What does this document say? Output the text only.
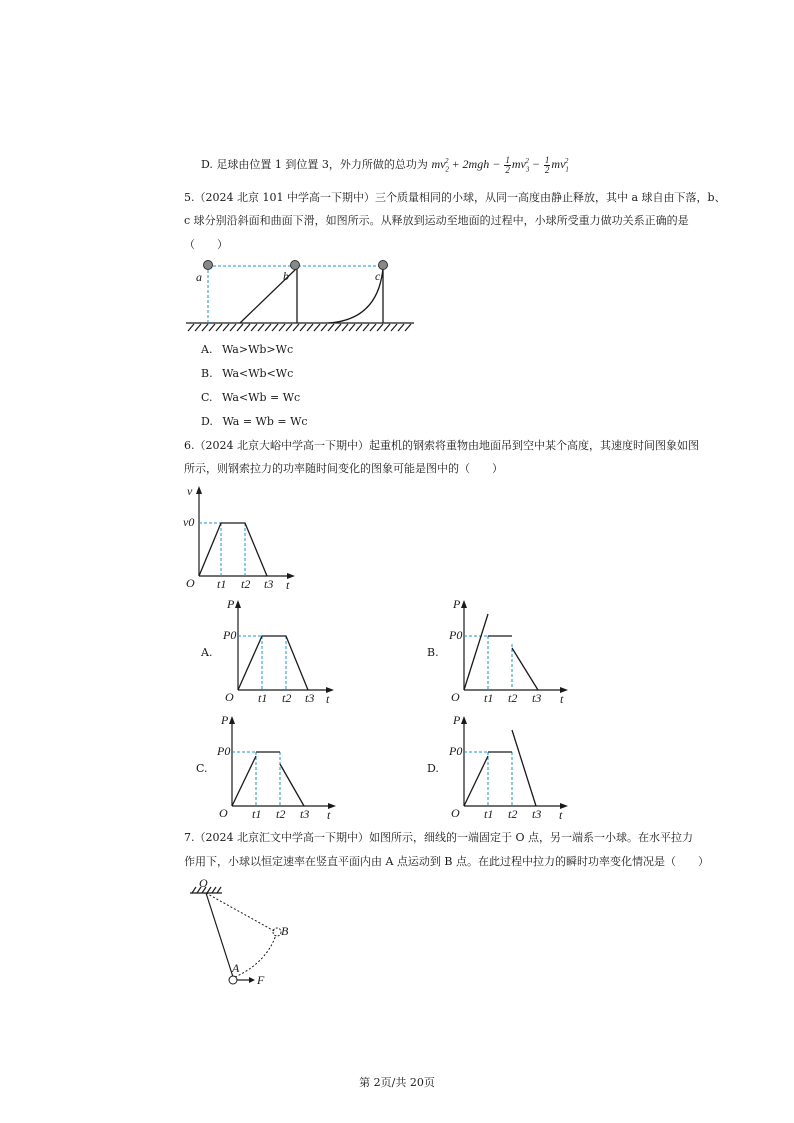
D. 足球由位置 1 到位置 3，外力所做的总功为 $mv_2^2 + 2mgh - \frac{1}{2} mv_3^2 - \frac{1}{2} mv_1^2$
5.（2024 北京 101 中学高一下期中）三个质量相同的小球，从同一高度由静止释放，其中 a 球自由下落，b、
c 球分别沿斜面和曲面下滑，如图所示。从释放到运动至地面的过程中，小球所受重力做功关系正确的是
（　　）
a	b	c
A. Wa>Wb>Wc
B. Wa<Wb<Wc
C. Wa<Wb = Wc
D. Wa = Wb = Wc
6.（2024 北京大峪中学高一下期中）起重机的钢索将重物由地面吊到空中某个高度，其速度时间图象如图
所示，则钢索拉力的功率随时间变化的图象可能是图中的（　　）
v
v0
O t1 t2 t3 t
A.
P
P0
O t1 t2 t3 t
B.
P
P0
O t1 t2 t3 t
C.
P
P0
O t1 t2 t3 t
D.
P
P0
O t1 t2 t3 t
7.（2024 北京汇文中学高一下期中）如图所示，细线的一端固定于 O 点，另一端系一小球。在水平拉力
作用下，小球以恒定速率在竖直平面内由 A 点运动到 B 点。在此过程中拉力的瞬时功率变化情况是（　　）
O
B
A
F
第 2页/共 20页
